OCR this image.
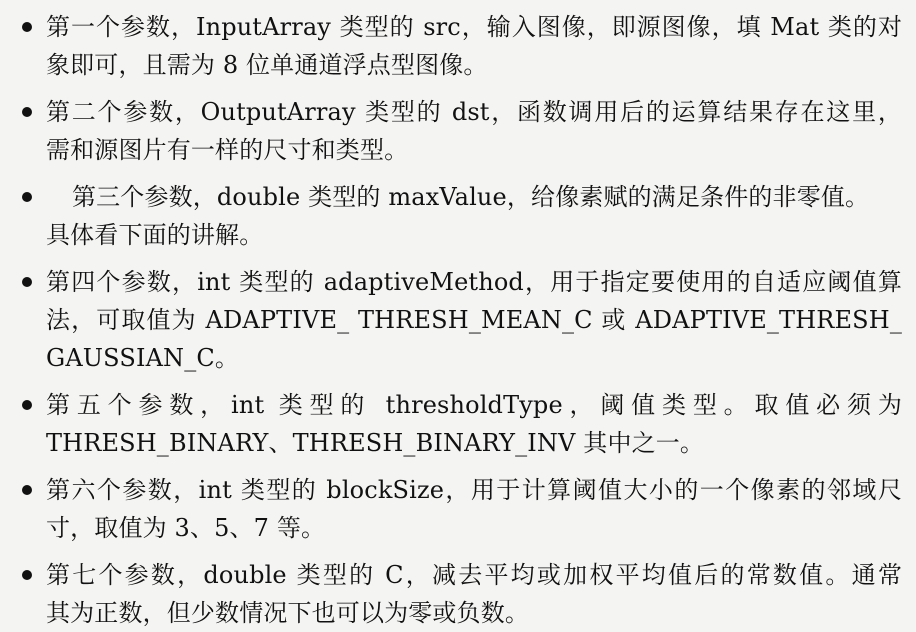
第一个参数，InputArray 类型的 src，输入图像，即源图像，填 Mat 类的对
象即可，且需为 8 位单通道浮点型图像。
第二个参数，OutputArray 类型的 dst，函数调用后的运算结果存在这里，
需和源图片有一样的尺寸和类型。
第三个参数，double 类型的 maxValue，给像素赋的满足条件的非零值。
具体看下面的讲解。
第四个参数，int 类型的 adaptiveMethod，用于指定要使用的自适应阈值算
法，可取值为 ADAPTIVE_ THRESH_MEAN_C 或 ADAPTIVE_THRESH_
GAUSSIAN_C。
第五个参数，int 类型的 thresholdType，阈值类型。取值必须为
THRESH_BINARY、THRESH_BINARY_INV 其中之一。
第六个参数，int 类型的 blockSize，用于计算阈值大小的一个像素的邻域尺
寸，取值为 3、5、7 等。
第七个参数，double 类型的 C，减去平均或加权平均值后的常数值。通常
其为正数，但少数情况下也可以为零或负数。
